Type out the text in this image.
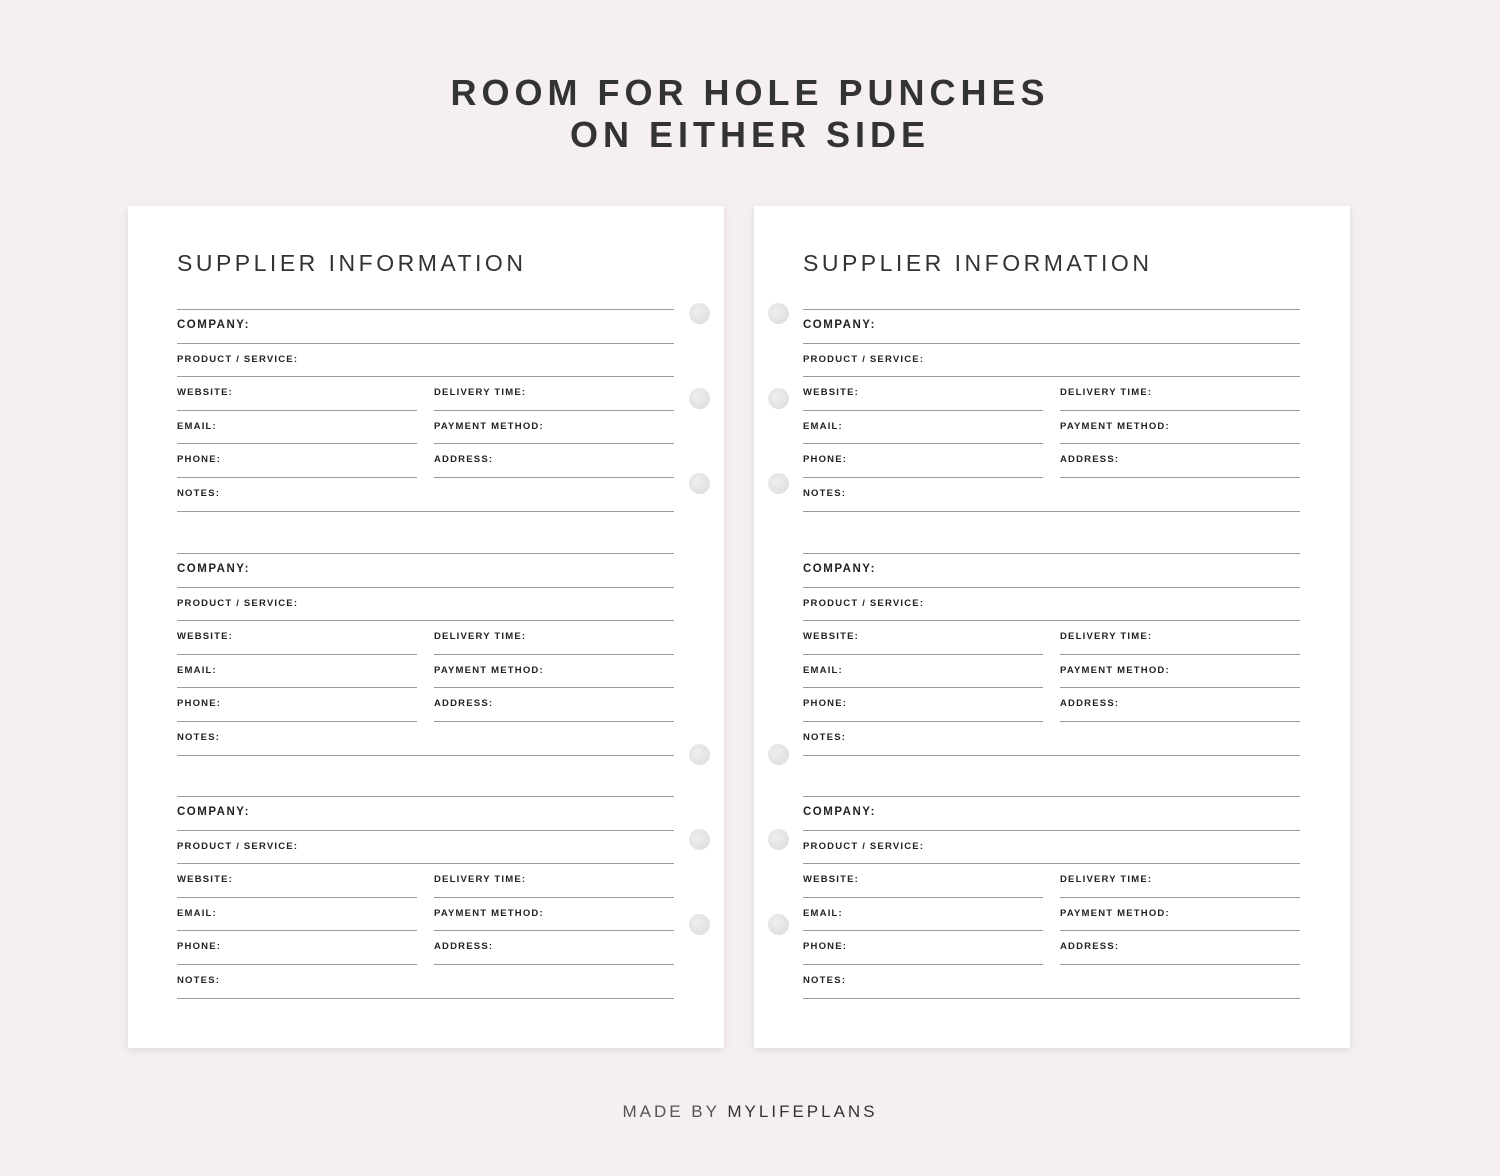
ROOM FOR HOLE PUNCHES
ON EITHER SIDE
SUPPLIER INFORMATION
COMPANY:
PRODUCT / SERVICE:
WEBSITE:	DELIVERY TIME:
EMAIL:	PAYMENT METHOD:
PHONE:	ADDRESS:
NOTES:
COMPANY:
PRODUCT / SERVICE:
WEBSITE:	DELIVERY TIME:
EMAIL:	PAYMENT METHOD:
PHONE:	ADDRESS:
NOTES:
COMPANY:
PRODUCT / SERVICE:
WEBSITE:	DELIVERY TIME:
EMAIL:	PAYMENT METHOD:
PHONE:	ADDRESS:
NOTES:
SUPPLIER INFORMATION
COMPANY:
PRODUCT / SERVICE:
WEBSITE:	DELIVERY TIME:
EMAIL:	PAYMENT METHOD:
PHONE:	ADDRESS:
NOTES:
COMPANY:
PRODUCT / SERVICE:
WEBSITE:	DELIVERY TIME:
EMAIL:	PAYMENT METHOD:
PHONE:	ADDRESS:
NOTES:
COMPANY:
PRODUCT / SERVICE:
WEBSITE:	DELIVERY TIME:
EMAIL:	PAYMENT METHOD:
PHONE:	ADDRESS:
NOTES:
MADE BY MYLIFEPLANS
